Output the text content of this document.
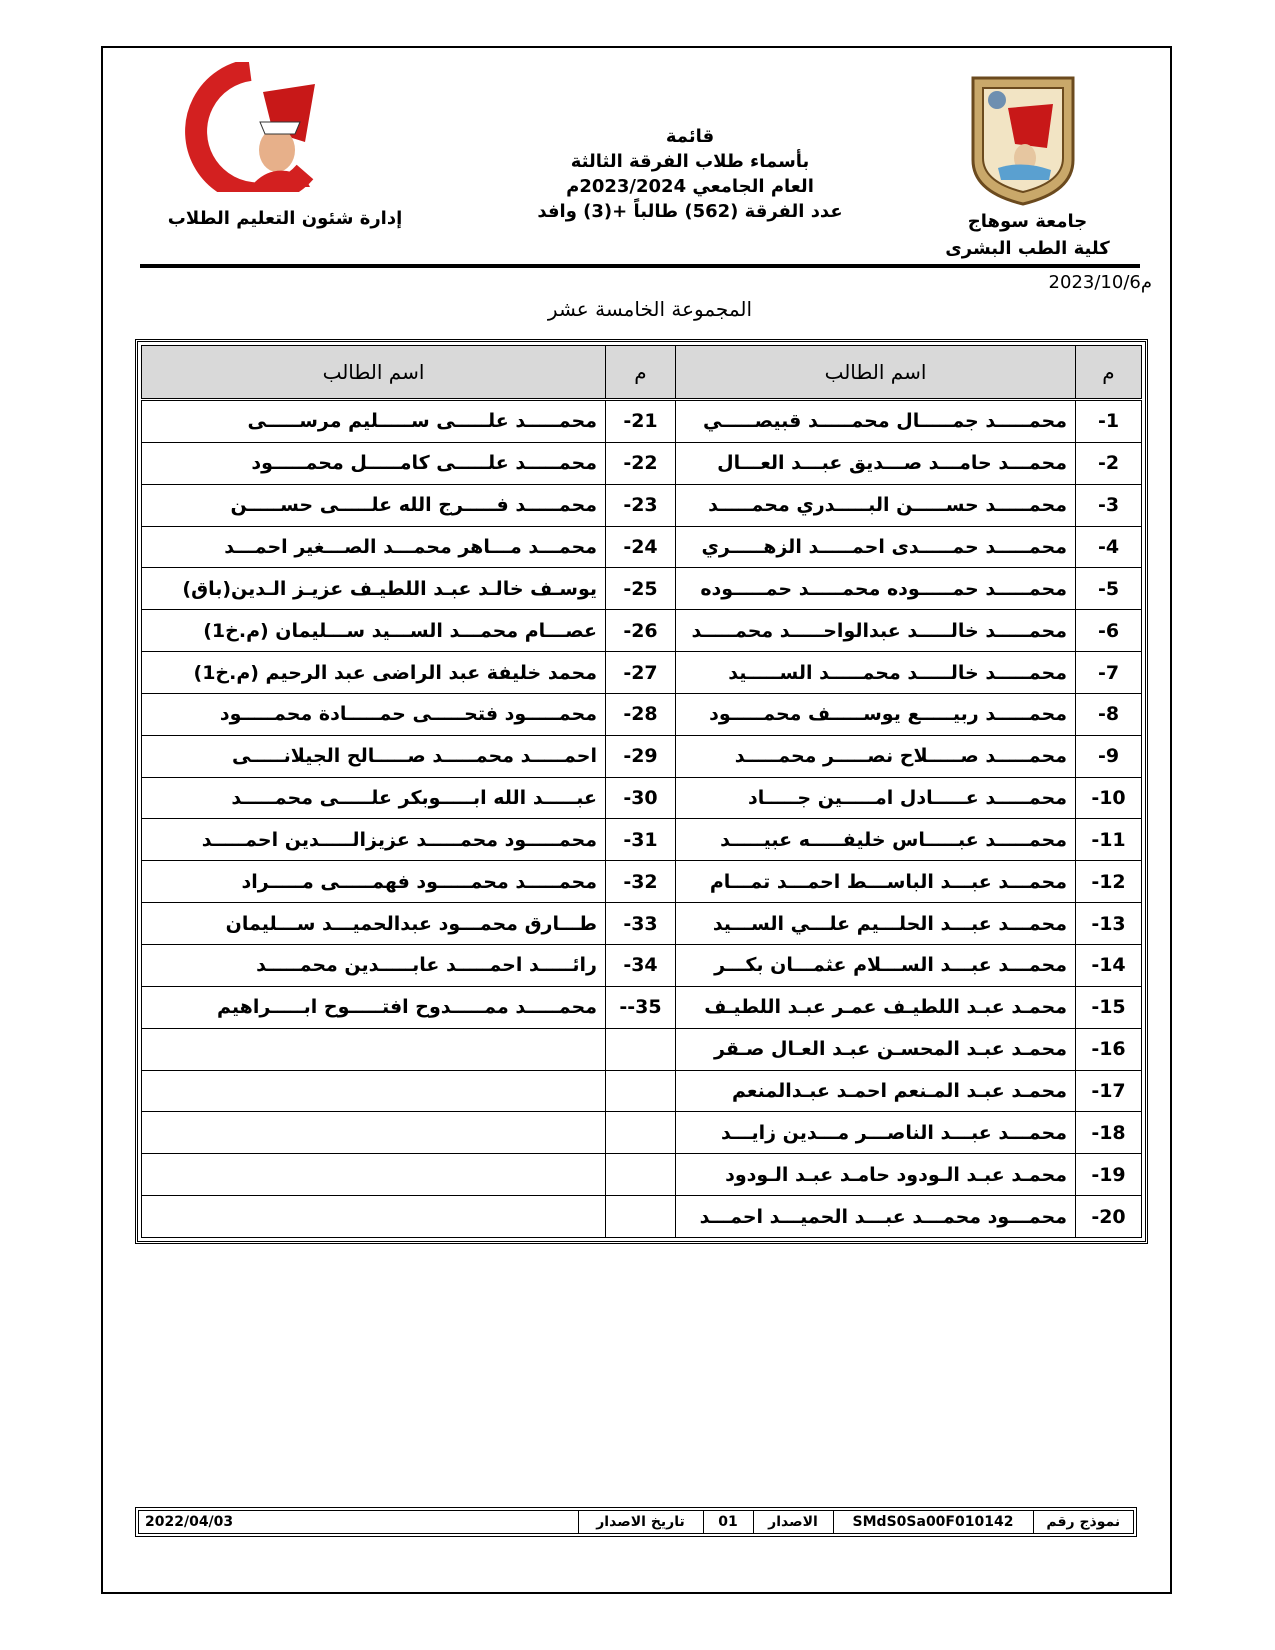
قائمة
بأسماء طلاب الفرقة الثالثة
العام الجامعي 2023/2024م
عدد الفرقة (562) طالباً +(3) وافد
إدارة شئون التعليم الطلاب	جامعة سوهاج
كلية الطب البشرى
2023/10/6م
المجموعة الخامسة عشر
م	اسم الطالب	م	اسم الطالب
-1	محمـــــد جمـــــال محمـــــد قبيصـــــي	-21	محمـــــد علـــــى ســـــليم مرســـــى
-2	محمـــد حامـــد صـــديق عبـــد العـــال	-22	محمـــــد علـــــى كامـــــل محمـــــود
-3	محمـــــد حســـــن البـــــدري محمـــــد	-23	محمـــــد فـــــرج الله علـــــى حســـــن
-4	محمـــــد حمـــــدى احمـــــد الزهـــــري	-24	محمـــد مـــاهر محمـــد الصـــغير احمـــد
-5	محمـــــد حمـــــوده محمـــــد حمـــــوده	-25	يوسـف خالـد عبـد اللطيـف عزيـز الـدين(باق)
-6	محمـــــد خالـــــد عبدالواحـــــد محمـــــد	-26	عصـــام محمـــد الســـيد ســـليمان (م.خ1)
-7	محمـــــد خالـــــد محمـــــد الســـــيد	-27	محمد خليفة عبد الراضى عبد الرحيم (م.خ1)
-8	محمـــــد ربيـــــع يوســـــف محمـــــود	-28	محمـــــود فتحـــــى حمـــــادة محمـــــود
-9	محمـــــد صـــــلاح نصـــــر محمـــــد	-29	احمـــــد محمـــــد صـــــالح الجيلانـــــى
-10	محمـــــد عـــــادل امـــــين جـــــاد	-30	عبـــــد الله ابـــــوبكر علـــــى محمـــــد
-11	محمـــــد عبـــــاس خليفـــــه عبيـــــد	-31	محمـــــود محمـــــد عزيزالـــــدين احمـــــد
-12	محمـــد عبـــد الباســـط احمـــد تمـــام	-32	محمـــــد محمـــــود فهمـــــى مـــــراد
-13	محمـــد عبـــد الحلـــيم علـــي الســـيد	-33	طـــارق محمـــود عبدالحميـــد ســـليمان
-14	محمـــد عبـــد الســـلام عثمـــان بكـــر	-34	رائـــــد احمـــــد عابـــــدين محمـــــد
-15	محمـد عبـد اللطيـف عمـر عبـد اللطيـف	--35	محمـــــد ممـــــدوح افتـــــوح ابـــــراهيم
-16	محمـد عبـد المحسـن عبـد العـال صـقر		
-17	محمـد عبـد المـنعم احمـد عبـدالمنعم		
-18	محمـــد عبـــد الناصـــر مـــدين زايـــد		
-19	محمـد عبـد الـودود حامـد عبـد الـودود		
-20	محمـــود محمـــد عبـــد الحميـــد احمـــد		
نموذج رقم	SMdS0Sa00F010142	الاصدار	01	تاريخ الاصدار	2022/04/03
